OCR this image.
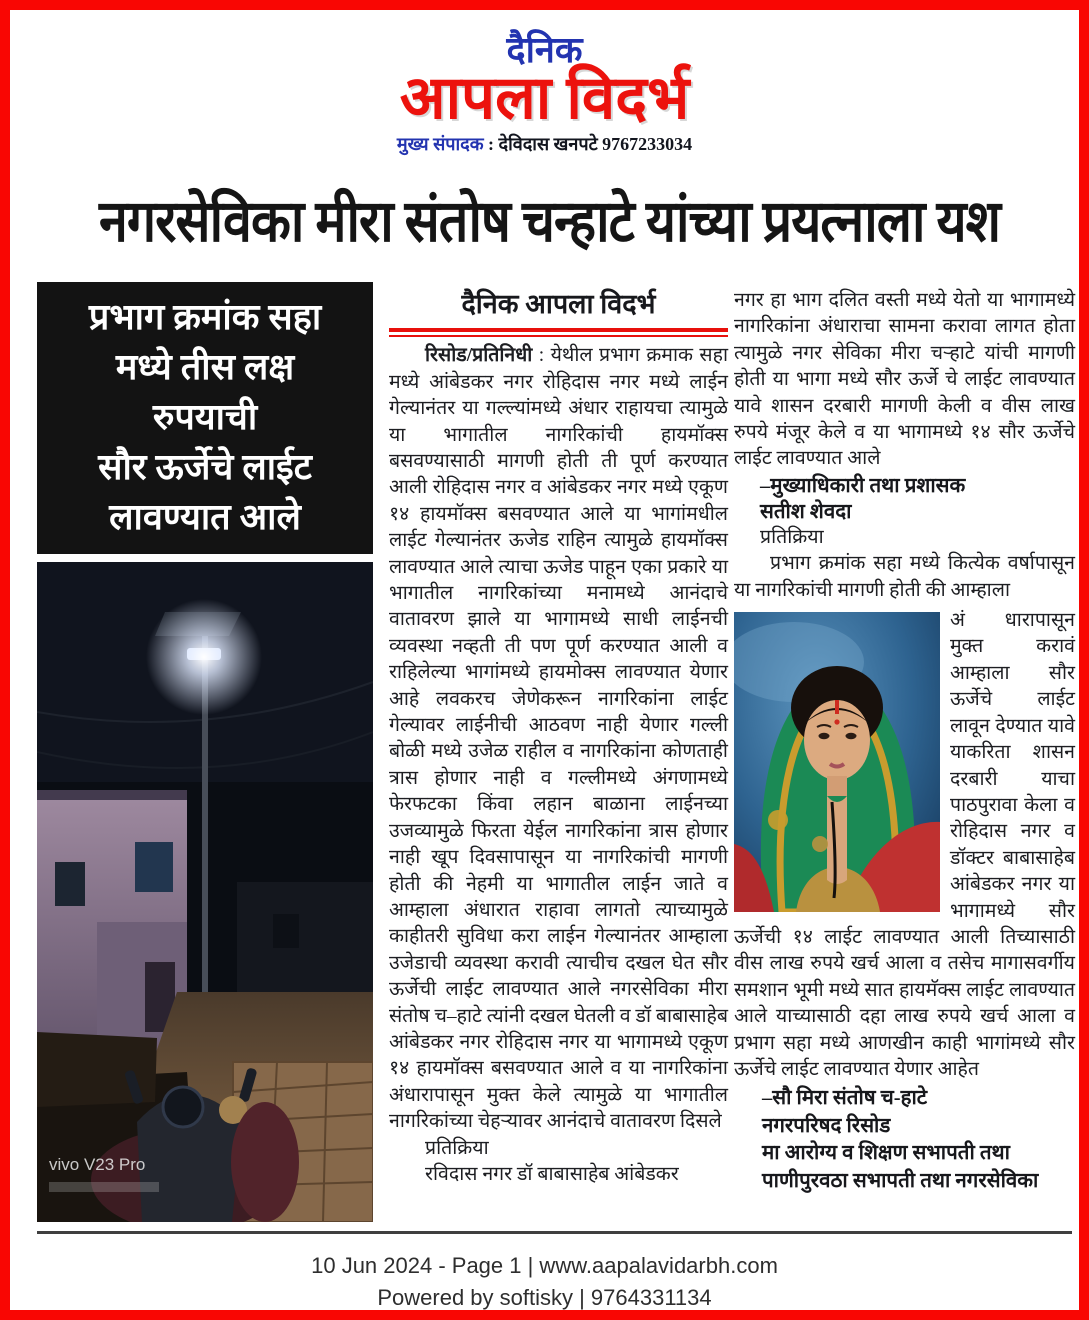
दैनिक
आपला विदर्भ
मुख्य संपादक : देविदास खनपटे 9767233034
नगरसेविका मीरा संतोष चन्हाटे यांच्या प्रयत्नाला यश
प्रभाग क्रमांक सहा
मध्ये तीस लक्ष
रुपयाची
सौर ऊर्जेचे लाईट
लावण्यात आले
vivo V23 Pro
दैनिक आपला विदर्भ

रिसोड/प्रतिनिधी : येथील प्रभाग क्रमाक सहा मध्ये आंबेडकर नगर रोहिदास नगर मध्ये लाईन गेल्यानंतर या गल्ल्यांमध्ये अंधार राहायचा त्यामुळे या भागातील नागरिकांची हायमॉक्स बसवण्यासाठी मागणी होती ती पूर्ण करण्यात आली रोहिदास नगर व आंबेडकर नगर मध्ये एकूण १४ हायमॉक्स बसवण्यात आले या भागांमधील लाईट गेल्यानंतर ऊजेड राहिन त्यामुळे हायमॉक्स लावण्यात आले त्याचा ऊजेड पाहून एका प्रकारे या भागातील नागरिकांच्या मनामध्ये आनंदाचे वातावरण झाले या भागामध्ये साधी लाईनची व्यवस्था नव्हती ती पण पूर्ण करण्यात आली व राहिलेल्या भागांमध्ये हायमोक्स लावण्यात येणार आहे लवकरच जेणेकरून नागरिकांना लाईट गेल्यावर लाईनीची आठवण नाही येणार गल्ली बोळी मध्ये उजेळ राहील व नागरिकांना कोणताही त्रास होणार नाही व गल्लीमध्ये अंगणामध्ये फेरफटका किंवा लहान बाळाना लाईनच्या उजव्यामुळे फिरता येईल नागरिकांना त्रास होणार नाही खूप दिवसापासून या नागरिकांची मागणी होती की नेहमी या भागातील लाईन जाते व आम्हाला अंधारात राहावा लागतो त्याच्यामुळे काहीतरी सुविधा करा लाईन गेल्यानंतर आम्हाला उजेडाची व्यवस्था करावी त्याचीच दखल घेत सौर ऊर्जेची लाईट लावण्यात आले नगरसेविका मीरा संतोष च–हाटे त्यांनी दखल घेतली व डॉ बाबासाहेब आंबेडकर नगर रोहिदास नगर या भागामध्ये एकूण १४ हायमॉक्स बसवण्यात आले व या नागरिकांना अंधारापासून मुक्त केले त्यामुळे या भागातील नागरिकांच्या चेहऱ्यावर आनंदाचे वातावरण दिसले

प्रतिक्रिया

रविदास नगर डॉ बाबासाहेब आंबेडकर

नगर हा भाग दलित वस्ती मध्ये येतो या भागामध्ये नागरिकांना अंधाराचा सामना करावा लागत होता त्यामुळे नगर सेविका मीरा चऱ्हाटे यांची मागणी होती या भागा मध्ये सौर ऊर्जे चे लाईट लावण्यात यावे शासन दरबारी मागणी केली व वीस लाख रुपये मंजूर केले व या भागामध्ये १४ सौर ऊर्जेचे लाईट लावण्यात आले

–मुख्याधिकारी तथा प्रशासक
सतीश शेवदा

प्रतिक्रिया

प्रभाग क्रमांक सहा मध्ये कित्येक वर्षापासून या नागरिकांची मागणी होती की आम्हाला

अं धारापासून मुक्त करावं आम्हाला सौर ऊर्जेचे लाईट लावून देण्यात यावे याकरिता शासन दरबारी याचा पाठपुरावा केला व रोहिदास नगर व डॉक्टर बाबासाहेब आंबेडकर नगर या भागामध्ये सौर ऊर्जेची १४ लाईट लावण्यात आली तिच्यासाठी वीस लाख रुपये खर्च आला व तसेच मागासवर्गीय समशान भूमी मध्ये सात हायमॅक्स लाईट लावण्यात आले याच्यासाठी दहा लाख रुपये खर्च आला व प्रभाग सहा मध्ये आणखीन काही भागांमध्ये सौर ऊर्जेचे लाईट लावण्यात येणार आहेत
–सौ मिरा संतोष च-हाटे
नगरपरिषद रिसोड
मा आरोग्य व शिक्षण सभापती तथा
पाणीपुरवठा सभापती तथा नगरसेविका
10 Jun 2024 - Page 1 | www.aapalavidarbh.com
Powered by softisky | 9764331134
